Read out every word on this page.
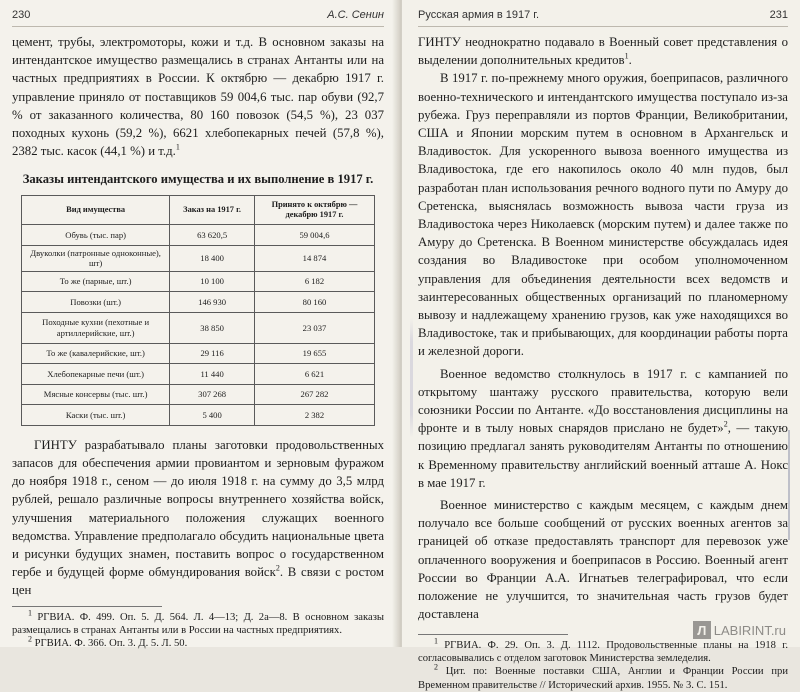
230	А.С. Сенин

цемент, трубы, электромоторы, кожи и т.д. В основном заказы на интендантское имущество размещались в странах Антанты или на частных предприятиях в России. К октябрю — декабрю 1917 г. управление приняло от поставщиков 59 004,6 тыс. пар обуви (92,7 % от заказанного количества, 80 160 повозок (54,5 %), 23 037 походных кухонь (59,2 %), 6621 хлебопекарных печей (57,8 %), 2382 тыс. касок (44,1 %) и т.д.$^1$

Заказы интендантского имущества и их выполнение в 1917 г.
Вид имущества	Заказ на 1917 г.	Принято к октябрю — декабрю 1917 г.
Обувь (тыс. пар)	63 620,5	59 004,6
Двуколки (патронные одноконные), шт)	18 400	14 874
То же (парные, шт.)	10 100	6 182
Повозки (шт.)	146 930	80 160
Походные кухни (пехотные и артиллерийские, шт.)	38 850	23 037
То же (кавалерийские, шт.)	29 116	19 655
Хлебопекарные печи (шт.)	11 440	6 621
Мясные консервы (тыс. шт.)	307 268	267 282
Каски (тыс. шт.)	5 400	2 382

ГИНТУ разрабатывало планы заготовки продовольственных запасов для обеспечения армии провиантом и зерновым фуражом до ноября 1918 г., сеном — до июля 1918 г. на сумму до 3,5 млрд рублей, решало различные вопросы внутреннего хозяйства войск, улучшения материального положения служащих военного ведомства. Управление предполагало обсудить национальные цвета и рисунки будущих знамен, поставить вопрос о государственном гербе и будущей форме обмундирования войск$^2$. В связи с ростом цен

$^1$ РГВИА. Ф. 499. Оп. 5. Д. 564. Л. 4—13; Д. 2а—8. В основном заказы размещались в странах Антанты или в России на частных предприятиях.

$^2$ РГВИА. Ф. 366. Оп. 3. Д. 5. Л. 50.

Русская армия в 1917 г.	231

ГИНТУ неоднократно подавало в Военный совет представления о выделении дополнительных кредитов$^1$.

В 1917 г. по-прежнему много оружия, боеприпасов, различного военно-технического и интендантского имущества поступало из-за рубежа. Груз переправляли из портов Франции, Великобритании, США и Японии морским путем в основном в Архангельск и Владивосток. Для ускоренного вывоза военного имущества из Владивостока, где его накопилось около 40 млн пудов, был разработан план использования речного водного пути по Амуру до Сретенска, выяснялась возможность вывоза части груза из Владивостока через Николаевск (морским путем) и далее также по Амуру до Сретенска. В Военном министерстве обсуждалась идея создания во Владивостоке при особом уполномоченном управления для объединения деятельности всех ведомств и заинтересованных общественных организаций по планомерному вывозу и надлежащему хранению грузов, как уже находящихся во Владивостоке, так и прибывающих, для координации работы порта и железной дороги.

Военное ведомство столкнулось в 1917 г. с кампанией по открытому шантажу русского правительства, которую вели союзники России по Антанте. «До восстановления дисциплины на фронте и в тылу новых снарядов прислано не будет»$^2$, — такую позицию предлагал занять руководителям Антанты по отношению к Временному правительству английский военный атташе А. Нокс в мае 1917 г.

Военное министерство с каждым месяцем, с каждым днем получало все больше сообщений от русских военных агентов за границей об отказе предоставлять транспорт для перевозок уже оплаченного вооружения и боеприпасов в Россию. Военный агент России во Франции А.А. Игнатьев телеграфировал, что если положение не улучшится, то значительная часть грузов будет доставлена

$^1$ РГВИА. Ф. 29. Оп. 3. Д. 1112. Продовольственные планы на 1918 г. согласовывались с отделом заготовок Министерства земледелия.

$^2$ Цит. по: Военные поставки США, Англии и Франции России при Временном правительстве // Исторический архив. 1955. № 3. С. 151.

Л LABIRINT.ru
